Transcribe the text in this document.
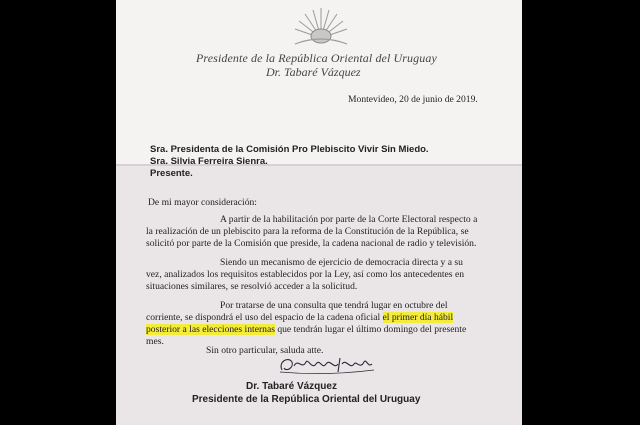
Presidente de la República Oriental del Uruguay
Dr. Tabaré Vázquez
Montevideo, 20 de junio de 2019.
Sra. Presidenta de la Comisión Pro Plebiscito Vivir Sin Miedo.
Sra. Silvia Ferreira Sienra.
Presente.
De mi mayor consideración:
A partir de la habilitación por parte de la Corte Electoral respecto a
la realización de un plebiscito para la reforma de la Constitución de la República, se
solicitó por parte de la Comisión que preside, la cadena nacional de radio y televisión.
Siendo un mecanismo de ejercicio de democracia directa y a su
vez, analizados los requisitos establecidos por la Ley, así como los antecedentes en
situaciones similares, se resolvió acceder a la solicitud.
Por tratarse de una consulta que tendrá lugar en octubre del
corriente, se dispondrá el uso del espacio de la cadena oficial el primer día hábil
posterior a las elecciones internas que tendrán lugar el último domingo del presente
mes.
Sin otro particular, saluda atte.
Dr. Tabaré Vázquez
Presidente de la República Oriental del Uruguay
